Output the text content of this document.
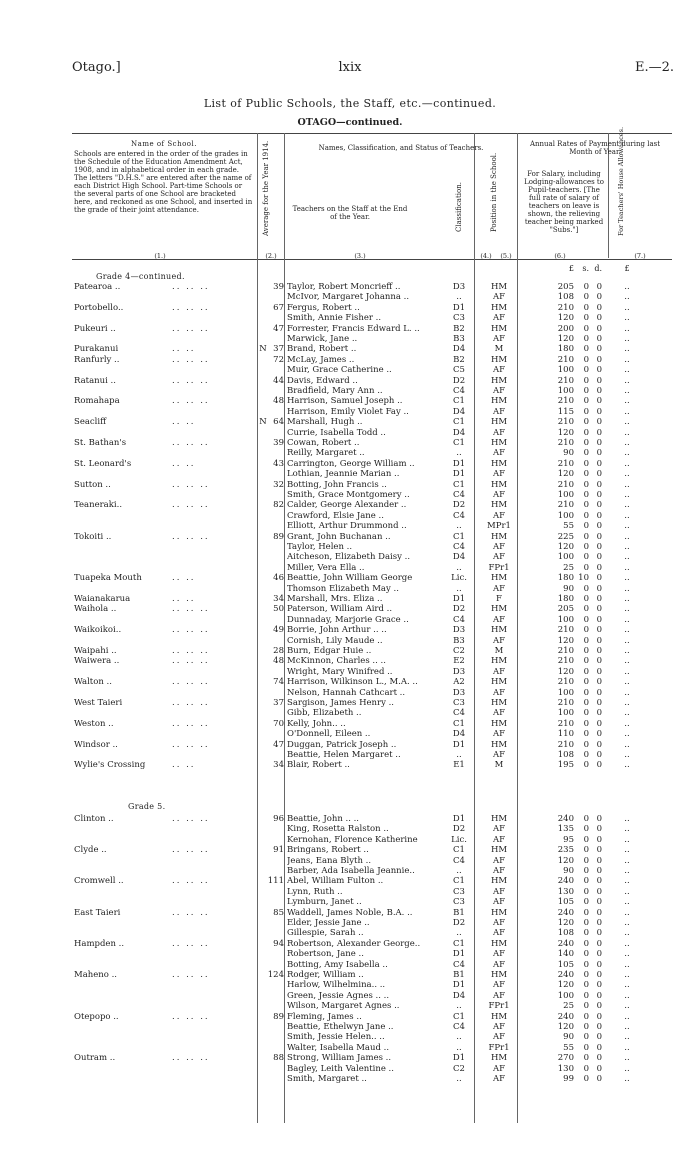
Otago.]	lxix	E.—2.
List of Public Schools, the Staff, etc.—continued.
OTAGO—continued.
Name of School.
Schools are entered in the order of the grades in the Schedule of the Education Amendment Act, 1908, and in alphabetical order in each grade. The letters "D.H.S." are entered after the name of each District High School. Part-time Schools or the several parts of one School are bracketed here, and reckoned as one School, and inserted in the grade of their joint attendance.	Average for the Year 1914.	Names, Classification, and Status of Teachers.
Teachers on the Staff at the End of the Year.	Classification.	Position in the School.
Annual Rates of Payment during last Month of Year.
For Salary, including Lodging-allowances to Pupil-teachers. [The full rate of salary of teachers on leave is shown, the relieving teacher being marked "Subs."]	For Teachers' House Allowances.
(1.)	(2.)	(3.)	(4.)	(5.)	(6.)	(7.)
£	s. d.	£
Grade 4—continued.
Grade 5.
Patearoa ..	.. .. ..	39 Taylor, Robert Moncrieff ..	D3	HM	205	0 0	..
McIvor, Margaret Johanna ..	..	AF	108	0 0	..
Portobello..	.. .. ..	67 Fergus, Robert ..	D1	HM	210	0 0	..
Smith, Annie Fisher ..	C3	AF	120	0 0	..
Pukeuri ..	.. .. ..	47 Forrester, Francis Edward L. ..	B2	HM	200	0 0	..
Marwick, Jane ..	B3	AF	120	0 0	..
Purakanui	.. ..	N 37 Brand, Robert ..	D4	M	180	0 0	..
Ranfurly ..	.. .. ..	72 McLay, James ..	B2	HM	210	0 0	..
Muir, Grace Catherine ..	C5	AF	100	0 0	..
Ratanui ..	.. .. ..	44 Davis, Edward ..	D2	HM	210	0 0	..
Bradfield, Mary Ann ..	C4	AF	100	0 0	..
Romahapa	.. .. ..	48 Harrison, Samuel Joseph ..	C1	HM	210	0 0	..
Harrison, Emily Violet Fay ..	D4	AF	115	0 0	..
Seacliff	.. ..	N 64 Marshall, Hugh ..	C1	HM	210	0 0	..
Currie, Isabella Todd ..	D4	AF	120	0 0	..
St. Bathan's	.. .. ..	39 Cowan, Robert ..	C1	HM	210	0 0	..
Reilly, Margaret ..	..	AF	90	0 0	..
St. Leonard's	.. ..	43 Carrington, George William ..	D1	HM	210	0 0	..
Lothian, Jeannie Marian ..	D1	AF	120	0 0	..
Sutton ..	.. .. ..	32 Botting, John Francis ..	C1	HM	210	0 0	..
Smith, Grace Montgomery ..	C4	AF	100	0 0	..
Teaneraki..	.. .. ..	82 Calder, George Alexander ..	D2	HM	210	0 0	..
Crawford, Elsie Jane ..	C4	AF	100	0 0	..
Elliott, Arthur Drummond ..	..	MPr1	55	0 0	..
Tokoiti ..	.. .. ..	89 Grant, John Buchanan ..	C1	HM	225	0 0	..
Taylor, Helen ..	C4	AF	120	0 0	..
Aitcheson, Elizabeth Daisy ..	D4	AF	100	0 0	..
Miller, Vera Ella ..	..	FPr1	25	0 0	..
Tuapeka Mouth	.. ..	46 Beattie, John William George	Lic.	HM	180 10 0	..
Thomson Elizabeth May ..	..	AF	90	0 0	..
Waianakarua	.. ..	34 Marshall, Mrs. Eliza ..	D1	F	180	0 0	..
Waihola ..	.. .. ..	50 Paterson, William Aird ..	D2	HM	205	0 0	..
Dunnaday, Marjorie Grace ..	C4	AF	100	0 0	..
Waikoikoi..	.. .. ..	49 Borrie, John Arthur .. ..	D3	HM	210	0 0	..
Cornish, Lily Maude ..	B3	AF	120	0 0	..
Waipahi ..	.. .. ..	28 Burn, Edgar Huie ..	C2	M	210	0 0	..
Waiwera ..	.. .. ..	48 McKinnon, Charles .. ..	E2	HM	210	0 0	..
Wright, Mary Winifred ..	D3	AF	120	0 0	..
Walton ..	.. .. ..	74 Harrison, Wilkinson L., M.A. ..	A2	HM	210	0 0	..
Nelson, Hannah Cathcart ..	D3	AF	100	0 0	..
West Taieri	.. .. ..	37 Sargison, James Henry ..	C3	HM	210	0 0	..
Gibb, Elizabeth ..	C4	AF	100	0 0	..
Weston ..	.. .. ..	70 Kelly, John.. ..	C1	HM	210	0 0	..
O'Donnell, Eileen ..	D4	AF	110	0 0	..
Windsor ..	.. .. ..	47 Duggan, Patrick Joseph ..	D1	HM	210	0 0	..
Beattie, Helen Margaret ..	..	AF	108	0 0	..
Wylie's Crossing	.. ..	34 Blair, Robert ..	E1	M	195	0 0	..
Clinton ..	.. .. ..	96 Beattie, John .. ..	D1	HM	240	0 0	..
King, Rosetta Ralston ..	D2	AF	135	0 0	..
Kernohan, Florence Katherine	Lic.	AF	95	0 0	..
Clyde ..	.. .. ..	91 Bringans, Robert ..	C1	HM	235	0 0	..
Jeans, Eana Blyth ..	C4	AF	120	0 0	..
Barber, Ada Isabella Jeannie..	..	AF	90	0 0	..
Cromwell ..	.. .. ..	111 Abel, William Fulton ..	C1	HM	240	0 0	..
Lynn, Ruth ..	C3	AF	130	0 0	..
Lymburn, Janet ..	C3	AF	105	0 0	..
East Taieri	.. .. ..	85 Waddell, James Noble, B.A. ..	B1	HM	240	0 0	..
Elder, Jessie Jane ..	D2	AF	120	0 0	..
Gillespie, Sarah ..	..	AF	108	0 0	..
Hampden ..	.. .. ..	94 Robertson, Alexander George..	C1	HM	240	0 0	..
Robertson, Jane ..	D1	AF	140	0 0	..
Botting, Amy Isabella ..	C4	AF	105	0 0	..
Maheno ..	.. .. ..	124 Rodger, William ..	B1	HM	240	0 0	..
Harlow, Wilhelmina.. ..	D1	AF	120	0 0	..
Green, Jessie Agnes .. ..	D4	AF	100	0 0	..
Wilson, Margaret Agnes ..	..	FPr1	25	0 0	..
Otepopo ..	.. .. ..	89 Fleming, James ..	C1	HM	240	0 0	..
Beattie, Ethelwyn Jane ..	C4	AF	120	0 0	..
Smith, Jessie Helen.. ..	..	AF	90	0 0	..
Walter, Isabella Maud ..	..	FPr1	55	0 0	..
Outram ..	.. .. ..	88 Strong, William James ..	D1	HM	270	0 0	..
Bagley, Leith Valentine ..	C2	AF	130	0 0	..
Smith, Margaret ..	..	AF	99	0 0	..
